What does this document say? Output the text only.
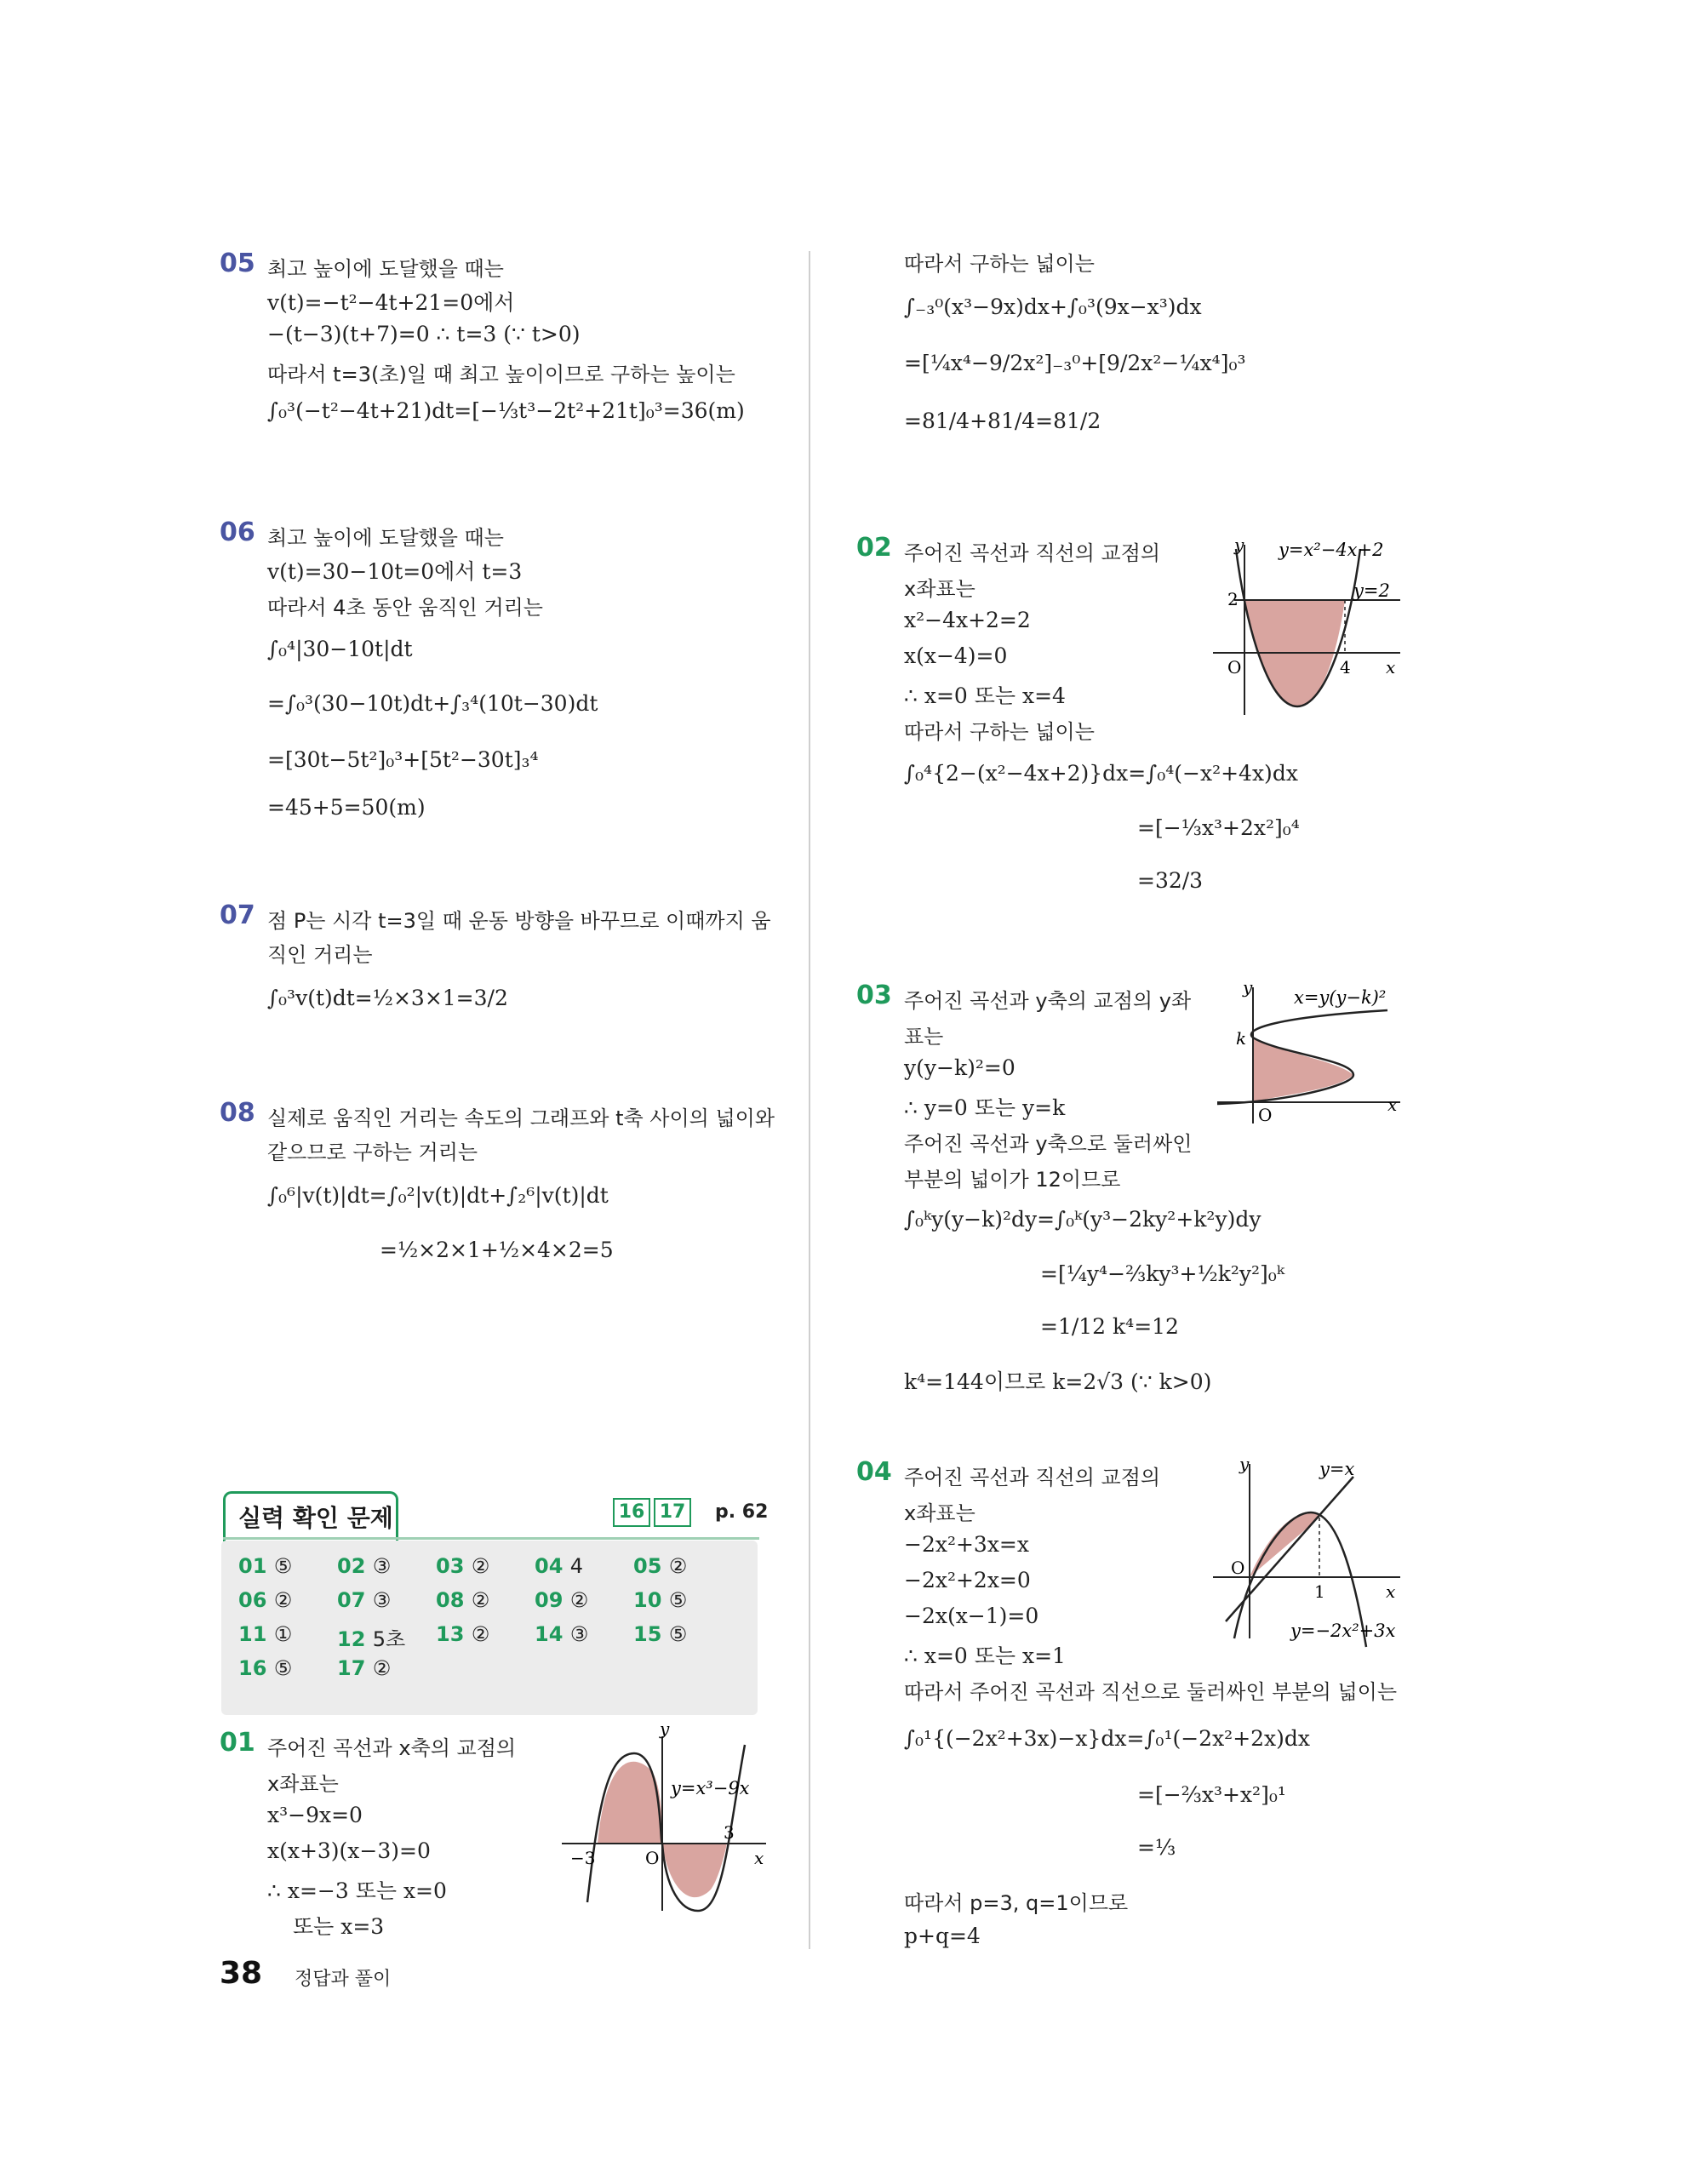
05 최고 높이에 도달했을 때는
v(t)=−t²−4t+21=0에서
−(t−3)(t+7)=0 ∴ t=3 (∵ t>0)
따라서 t=3(초)일 때 최고 높이이므로 구하는 높이는
∫₀³(−t²−4t+21)dt=[−⅓t³−2t²+21t]₀³=36(m)
06 최고 높이에 도달했을 때는
v(t)=30−10t=0에서 t=3
따라서 4초 동안 움직인 거리는
∫₀⁴|30−10t|dt
=∫₀³(30−10t)dt+∫₃⁴(10t−30)dt
=[30t−5t²]₀³+[5t²−30t]₃⁴
=45+5=50(m)
07 점 P는 시각 t=3일 때 운동 방향을 바꾸므로 이때까지 움
직인 거리는
∫₀³v(t)dt=½×3×1=3/2
08 실제로 움직인 거리는 속도의 그래프와 t축 사이의 넓이와
같으므로 구하는 거리는
∫₀⁶|v(t)|dt=∫₀²|v(t)|dt+∫₂⁶|v(t)|dt
=½×2×1+½×4×2=5
실력 확인 문제	16 17	p. 62
01 ⑤ 02 ③ 03 ② 04 4 05 ②
06 ② 07 ③ 08 ② 09 ② 10 ⑤
11 ① 12 5초 13 ② 14 ③ 15 ⑤
16 ⑤ 17 ②
01 주어진 곡선과 x축의 교점의
x좌표는
x³−9x=0
x(x+3)(x−3)=0
∴ x=−3 또는 x=0
또는 x=3
y
x
O
−3
3
y=x³−9x
따라서 구하는 넓이는
∫₋₃⁰(x³−9x)dx+∫₀³(9x−x³)dx
=[¼x⁴−9/2x²]₋₃⁰+[9/2x²−¼x⁴]₀³
=81/4+81/4=81/2
02 주어진 곡선과 직선의 교점의
x좌표는
x²−4x+2=2
x(x−4)=0
∴ x=0 또는 x=4
따라서 구하는 넓이는
∫₀⁴{2−(x²−4x+2)}dx=∫₀⁴(−x²+4x)dx
=[−⅓x³+2x²]₀⁴
=32/3
y
x
O
2
4
y=2
y=x²−4x+2
03 주어진 곡선과 y축의 교점의 y좌
표는
y(y−k)²=0
∴ y=0 또는 y=k
주어진 곡선과 y축으로 둘러싸인
부분의 넓이가 12이므로
∫₀ᵏy(y−k)²dy=∫₀ᵏ(y³−2ky²+k²y)dy
=[¼y⁴−⅔ky³+½k²y²]₀ᵏ
=1/12 k⁴=12
k⁴=144이므로 k=2√3 (∵ k>0)
y
x
O
k
x=y(y−k)²
04 주어진 곡선과 직선의 교점의
x좌표는
−2x²+3x=x
−2x²+2x=0
−2x(x−1)=0
∴ x=0 또는 x=1
따라서 주어진 곡선과 직선으로 둘러싸인 부분의 넓이는
∫₀¹{(−2x²+3x)−x}dx=∫₀¹(−2x²+2x)dx
=[−⅔x³+x²]₀¹
=⅓
따라서 p=3, q=1이므로
p+q=4
y
x
O
1
y=x
y=−2x²+3x
38 정답과 풀이
